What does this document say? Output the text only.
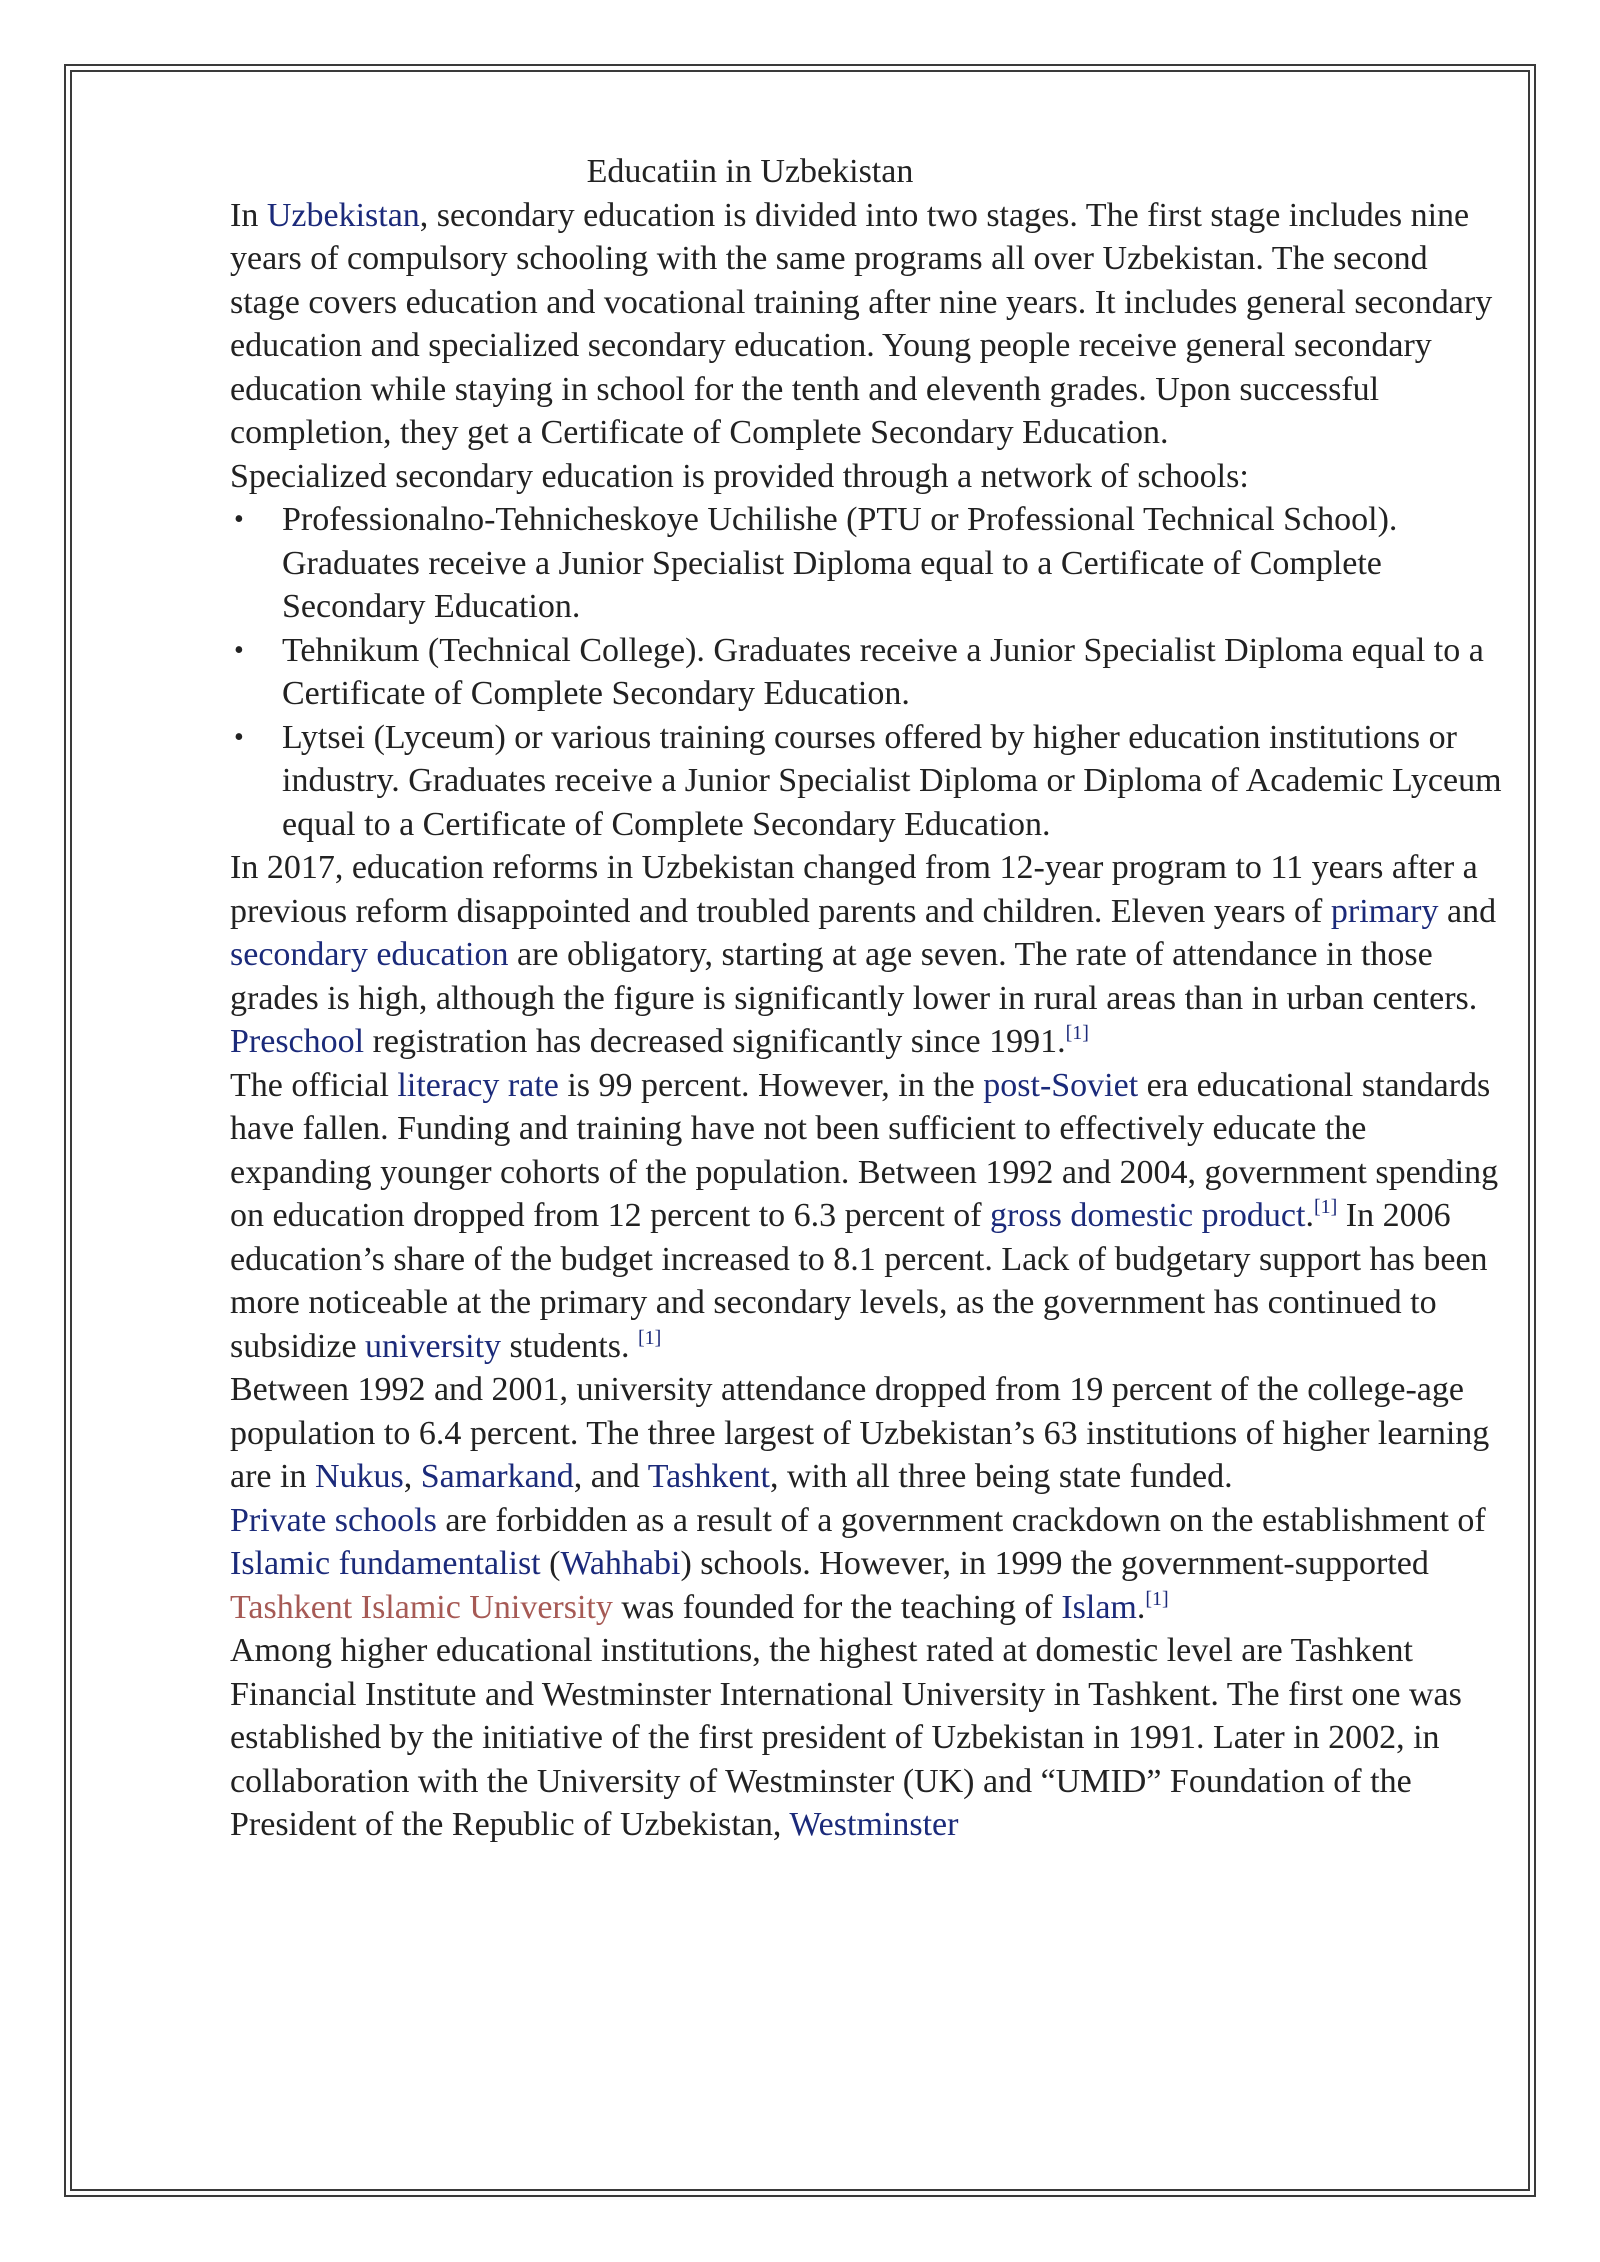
Educatiin in Uzbekistan

In Uzbekistan, secondary education is divided into two stages. The first stage includes nine years of compulsory schooling with the same programs all over Uzbekistan. The second stage covers education and vocational training after nine years. It includes general secondary education and specialized secondary education. Young people receive general secondary education while staying in school for the tenth and eleventh grades. Upon successful completion, they get a Certificate of Complete Secondary Education.

Specialized secondary education is provided through a network of schools:

• Professionalno-Tehnicheskoye Uchilishe (PTU or Professional Technical School). Graduates receive a Junior Specialist Diploma equal to a Certificate of Complete Secondary Education.
• Tehnikum (Technical College). Graduates receive a Junior Specialist Diploma equal to a Certificate of Complete Secondary Education.
• Lytsei (Lyceum) or various training courses offered by higher education institutions or industry. Graduates receive a Junior Specialist Diploma or Diploma of Academic Lyceum equal to a Certificate of Complete Secondary Education.

In 2017, education reforms in Uzbekistan changed from 12-year program to 11 years after a previous reform disappointed and troubled parents and children. Eleven years of primary and secondary education are obligatory, starting at age seven. The rate of attendance in those grades is high, although the figure is significantly lower in rural areas than in urban centers. Preschool registration has decreased significantly since 1991.[1]

The official literacy rate is 99 percent. However, in the post-Soviet era educational standards have fallen. Funding and training have not been sufficient to effectively educate the expanding younger cohorts of the population. Between 1992 and 2004, government spending on education dropped from 12 percent to 6.3 percent of gross domestic product.[1] In 2006 education’s share of the budget increased to 8.1 percent. Lack of budgetary support has been more noticeable at the primary and secondary levels, as the government has continued to
subsidize university students. [1]

Between 1992 and 2001, university attendance dropped from 19 percent of the college-age population to 6.4 percent. The three largest of Uzbekistan’s 63 institutions of higher learning are in Nukus, Samarkand, and Tashkent, with all three being state funded.

Private schools are forbidden as a result of a government crackdown on the establishment of Islamic fundamentalist (Wahhabi) schools. However, in 1999 the government-supported Tashkent Islamic University was founded for the teaching of Islam.[1]

Among higher educational institutions, the highest rated at domestic level are Tashkent Financial Institute and Westminster International University in Tashkent. The first one was established by the initiative of the first president of Uzbekistan in 1991. Later in 2002, in collaboration with the University of Westminster (UK) and “UMID” Foundation of the President of the Republic of Uzbekistan, Westminster
